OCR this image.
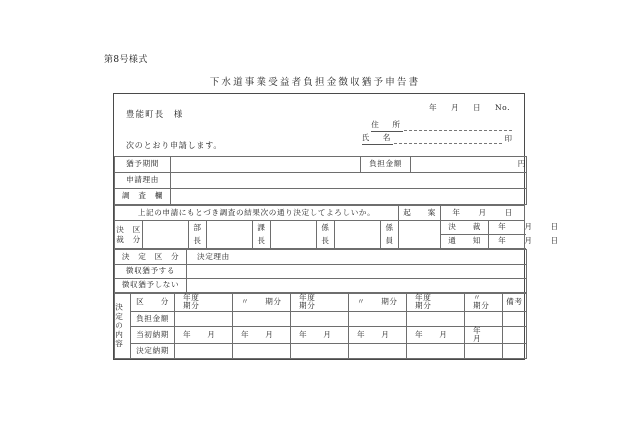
第8号様式
下水道事業受益者負担金徴収猶予申告書
豊能町長　様
次のとおり申請します。
年 月 日 No.
住　所
氏　名	印
猶予期間		負担金額	円
申請理由			
調　査　欄			
上記の申請にもとづき調査の結果次の通り決定してよろしいか。									起　　案	年 月 日	

決　区
裁　分		部		課		係		係		決　　裁	年 月 日
		長		長		長		員		通　　知	年 月 日
決　定　区　分	決定理由
徴収猶予する	
徴収猶予しない	
決定の内容	区　　分	年度期分	〃 期分	年度期分	〃 期分	年度期分	〃期分	備考
	負担金額							
	当初納期	年 月	年 月	年 月	年 月	年 月	年月	
	決定納期							
